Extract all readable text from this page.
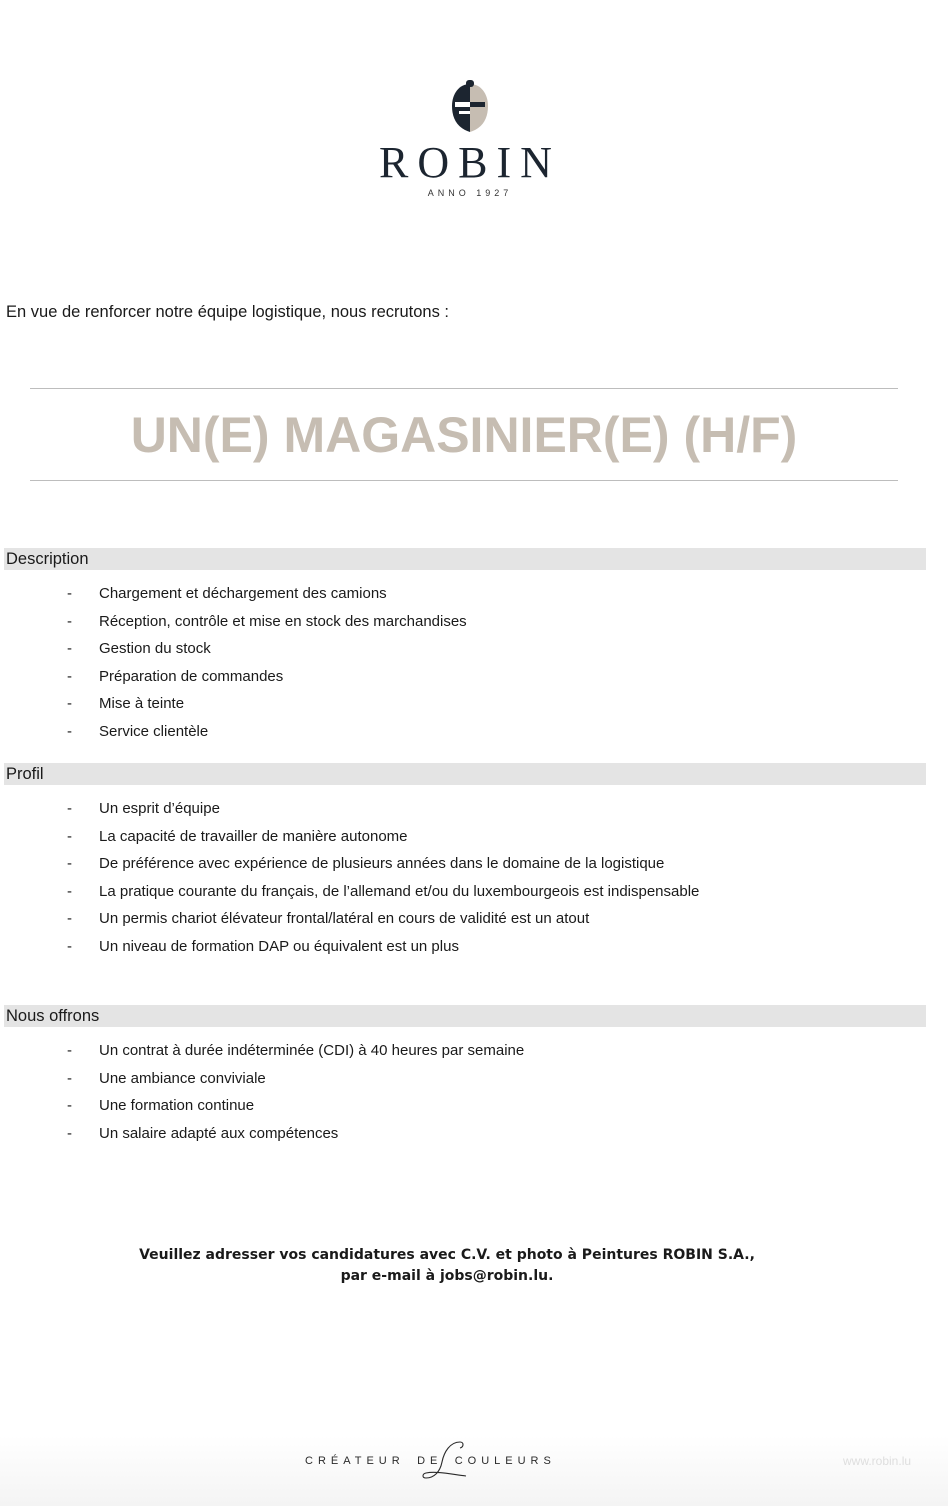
ROBIN
ANNO 1927
En vue de renforcer notre équipe logistique, nous recrutons :
UN(E) MAGASINIER(E) (H/F)
Description
- Chargement et déchargement des camions
- Réception, contrôle et mise en stock des marchandises
- Gestion du stock
- Préparation de commandes
- Mise à teinte
- Service clientèle
Profil
- Un esprit d’équipe
- La capacité de travailler de manière autonome
- De préférence avec expérience de plusieurs années dans le domaine de la logistique
- La pratique courante du français, de l’allemand et/ou du luxembourgeois est indispensable
- Un permis chariot élévateur frontal/latéral en cours de validité est un atout
- Un niveau de formation DAP ou équivalent est un plus
Nous offrons
- Un contrat à durée indéterminée (CDI) à 40 heures par semaine
- Une ambiance conviviale
- Une formation continue
- Un salaire adapté aux compétences
Veuillez adresser vos candidatures avec C.V. et photo à Peintures ROBIN S.A.,
par e-mail à jobs@robin.lu.
CRÉATEUR DE COULEURS	www.robin.lu
